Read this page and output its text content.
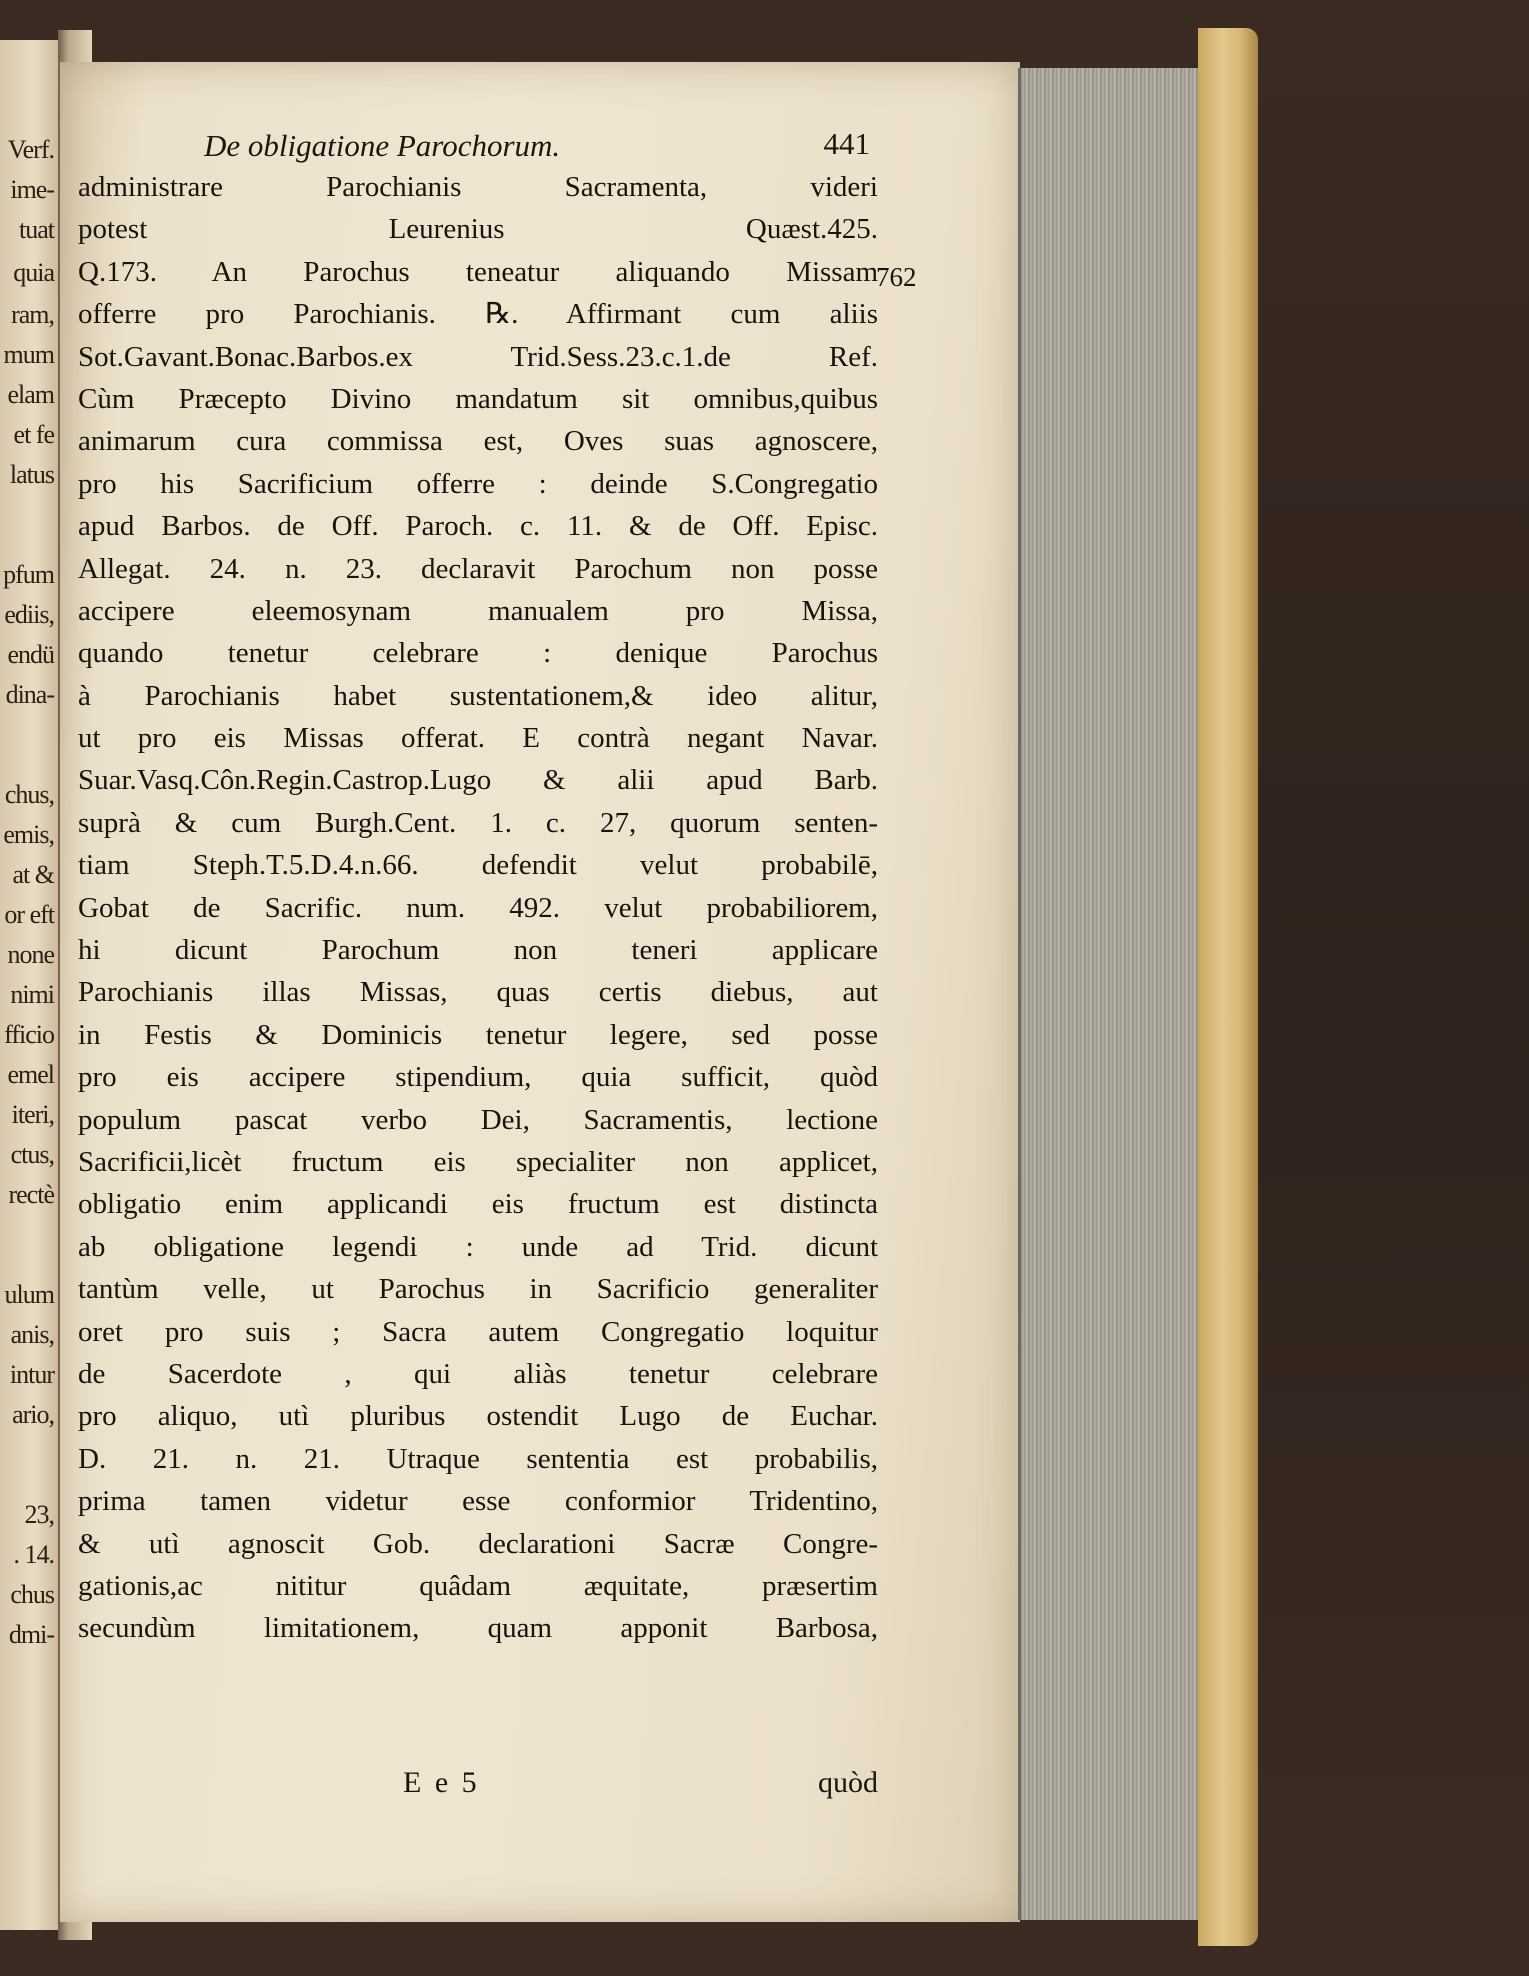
Verf.
ime-
tuat
quia
ram,
mum
elam
et fe
latus
pfum
ediis,
endü
dina-
chus,
emis,
at &
or eft
none
nimi
fficio
emel
iteri,
ctus,
rectè
ulum
anis,
intur
ario,
23,
. 14.
chus
dmi-
De obligatione Parochorum.	441
administrare Parochianis Sacramenta, videri
potest Leurenius Quæst.425.
Q.173. An Parochus teneatur aliquando Missam
offerre pro Parochianis. ℞. Affirmant cum aliis
Sot.Gavant.Bonac.Barbos.ex Trid.Sess.23.c.1.de Ref.
Cùm Præcepto Divino mandatum sit omnibus,quibus
animarum cura commissa est, Oves suas agnoscere,
pro his Sacrificium offerre : deinde S.Congregatio
apud Barbos. de Off. Paroch. c. 11. & de Off. Episc.
Allegat. 24. n. 23. declaravit Parochum non posse
accipere eleemosynam manualem pro Missa,
quando tenetur celebrare : denique Parochus
à Parochianis habet sustentationem,& ideo alitur,
ut pro eis Missas offerat. E contrà negant Navar.
Suar.Vasq.Côn.Regin.Castrop.Lugo & alii apud Barb.
suprà & cum Burgh.Cent. 1. c. 27, quorum senten-
tiam Steph.T.5.D.4.n.66. defendit velut probabilē,
Gobat de Sacrific. num. 492. velut probabiliorem,
hi dicunt Parochum non teneri applicare
Parochianis illas Missas, quas certis diebus, aut
in Festis & Dominicis tenetur legere, sed posse
pro eis accipere stipendium, quia sufficit, quòd
populum pascat verbo Dei, Sacramentis, lectione
Sacrificii,licèt fructum eis specialiter non applicet,
obligatio enim applicandi eis fructum est distincta
ab obligatione legendi : unde ad Trid. dicunt
tantùm velle, ut Parochus in Sacrificio generaliter
oret pro suis ; Sacra autem Congregatio loquitur
de Sacerdote , qui aliàs tenetur celebrare
pro aliquo, utì pluribus ostendit Lugo de Euchar.
D. 21. n. 21. Utraque sententia est probabilis,
prima tamen videtur esse conformior Tridentino,
& utì agnoscit Gob. declarationi Sacræ Congre-
gationis,ac nititur quâdam æquitate, præsertim
secundùm limitationem, quam apponit Barbosa,
762
E e 5	quòd
